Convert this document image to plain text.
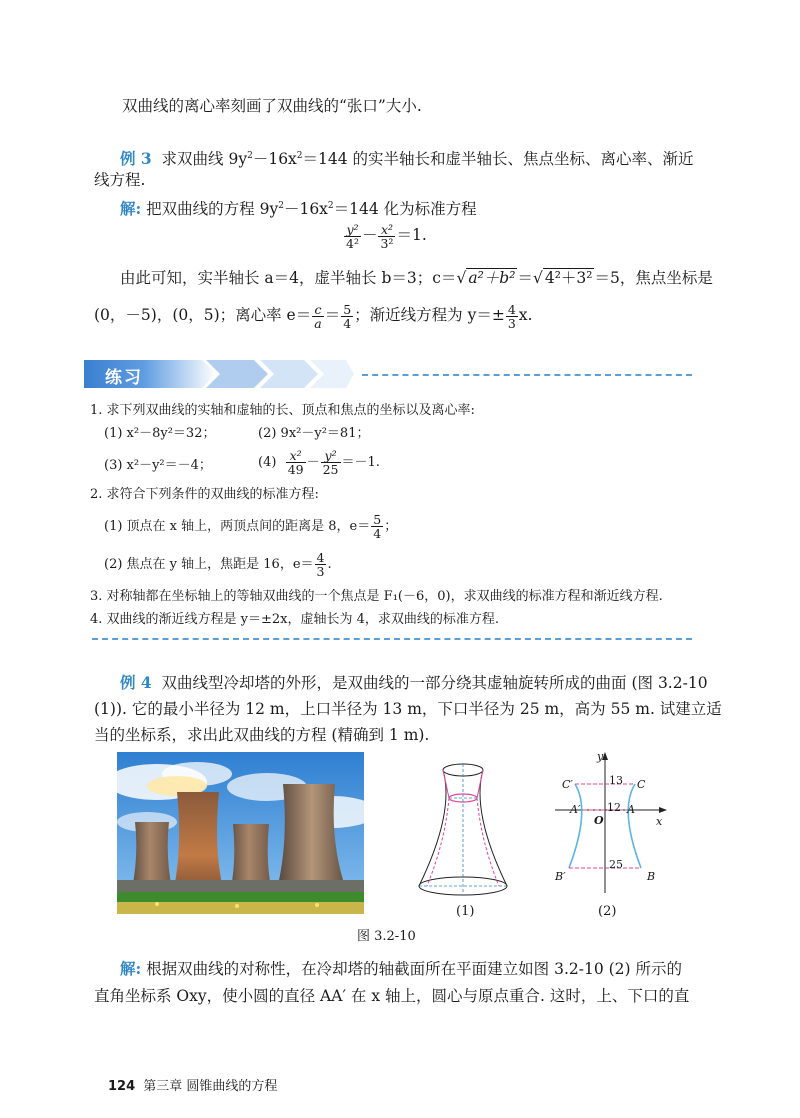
双曲线的离心率刻画了双曲线的“张口”大小.
例 3 求双曲线 $9y^2-16x^2=144$ 的实半轴长和虚半轴长、焦点坐标、离心率、渐近
线方程.
解: 把双曲线的方程 $9y^2-16x^2=144$ 化为标准方程
$\frac{\text{y²}}{\text{4²}} - \frac{\text{x²}}{\text{3²}} =1$.
由此可知，实半轴长 a＝4，虚半轴长 b＝3；c＝√ a²＋b² ＝√ 4²＋3² ＝5，焦点坐标是
(0，－5)，(0，5)；离心率 $e= \frac{c}{a} = \frac{5}{4}$ ；渐近线方程为 $y=\pm \frac{4}{3} x$.
练习
1. 求下列双曲线的实轴和虚轴的长、顶点和焦点的坐标以及离心率:
(1) x²－8y²＝32；	(2) 9x²－y²＝81；
(3) x²－y²＝－4；	$(4) \frac{\text{x²}}{49} - \frac{\text{y²}}{25} =-1$.
2. 求符合下列条件的双曲线的标准方程:
(1) 顶点在 x 轴上，两顶点间的距离是 8，$e= \frac{5}{4}$ ；
(2) 焦点在 y 轴上，焦距是 16，$e= \frac{4}{3}$ .
3. 对称轴都在坐标轴上的等轴双曲线的一个焦点是 F₁(－6，0)，求双曲线的标准方程和渐近线方程.
4. 双曲线的渐近线方程是 y＝±2x，虚轴长为 4，求双曲线的标准方程.
例 4 双曲线型冷却塔的外形，是双曲线的一部分绕其虚轴旋转所成的曲面 (图 3.2-10
(1)). 它的最小半径为 12 m，上口半径为 13 m，下口半径为 25 m，高为 55 m. 试建立适
当的坐标系，求出此双曲线的方程 (精确到 1 m).
(1)
y
x
O
C′	C
A′	A
B′	B
13
12
25
(2)
图 3.2-10
解: 根据双曲线的对称性，在冷却塔的轴截面所在平面建立如图 3.2-10 (2) 所示的
直角坐标系 Oxy，使小圆的直径 AA′ 在 x 轴上，圆心与原点重合. 这时，上、下口的直
124 第三章 圆锥曲线的方程
